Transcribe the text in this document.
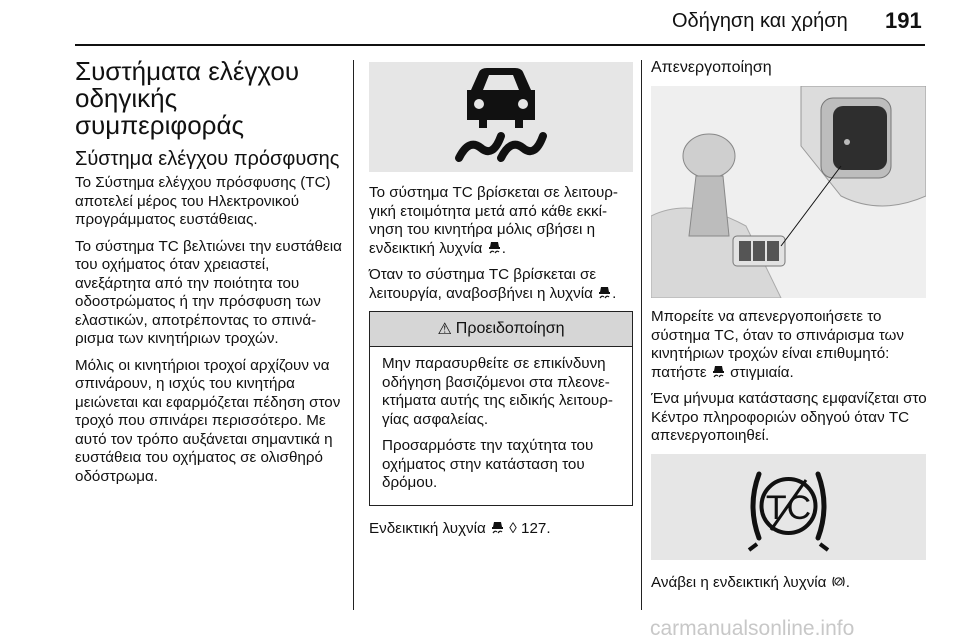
Οδήγηση και χρήση 191
Συστήματα ελέγχου οδηγικής συμπεριφοράς
Σύστημα ελέγχου πρόσφυσης

Το Σύστημα ελέγχου πρόσφυσης (TC) αποτελεί μέρος του Ηλεκτρονικού προγράμματος ευστάθειας.

Το σύστημα TC βελτιώνει την ευστάθεια του οχήματος όταν χρειαστεί, ανεξάρτητα από την ποιότητα του οδοστρώματος ή την πρόσφυση των ελαστικών, αποτρέποντας το σπινάρισμα των κινητήριων τροχών.

Μόλις οι κινητήριοι τροχοί αρχίζουν να σπινάρουν, η ισχύς του κινητήρα μειώνεται και εφαρμόζεται πέδηση στον τροχό που σπινάρει περισσότερο. Με αυτό τον τρόπο αυξάνεται σημαντικά η ευστάθεια του οχήματος σε ολισθηρό οδόστρωμα.

Το σύστημα TC βρίσκεται σε λειτουργική ετοιμότητα μετά από κάθε εκκίνηση του κινητήρα μόλις σβήσει η ενδεικτική λυχνία .

Όταν το σύστημα TC βρίσκεται σε λειτουργία, αναβοσβήνει η λυχνία .

⚠ Προειδοποίηση

Μην παρασυρθείτε σε επικίνδυνη οδήγηση βασιζόμενοι στα πλεονεκτήματα αυτής της ειδικής λειτουργίας ασφαλείας.

Προσαρμόστε την ταχύτητα του οχήματος στην κατάσταση του δρόμου.

Ενδεικτική λυχνία ◊ 127.

Απενεργοποίηση

Μπορείτε να απενεργοποιήσετε το σύστημα TC, όταν το σπινάρισμα των κινητήριων τροχών είναι επιθυμητό: πατήστε στιγμιαία.

Ένα μήνυμα κατάστασης εμφανίζεται στο Κέντρο πληροφοριών οδηγού όταν TC απενεργοποιηθεί.

TC

Ανάβει η ενδεικτική λυχνία .

carmanualsonline.info
